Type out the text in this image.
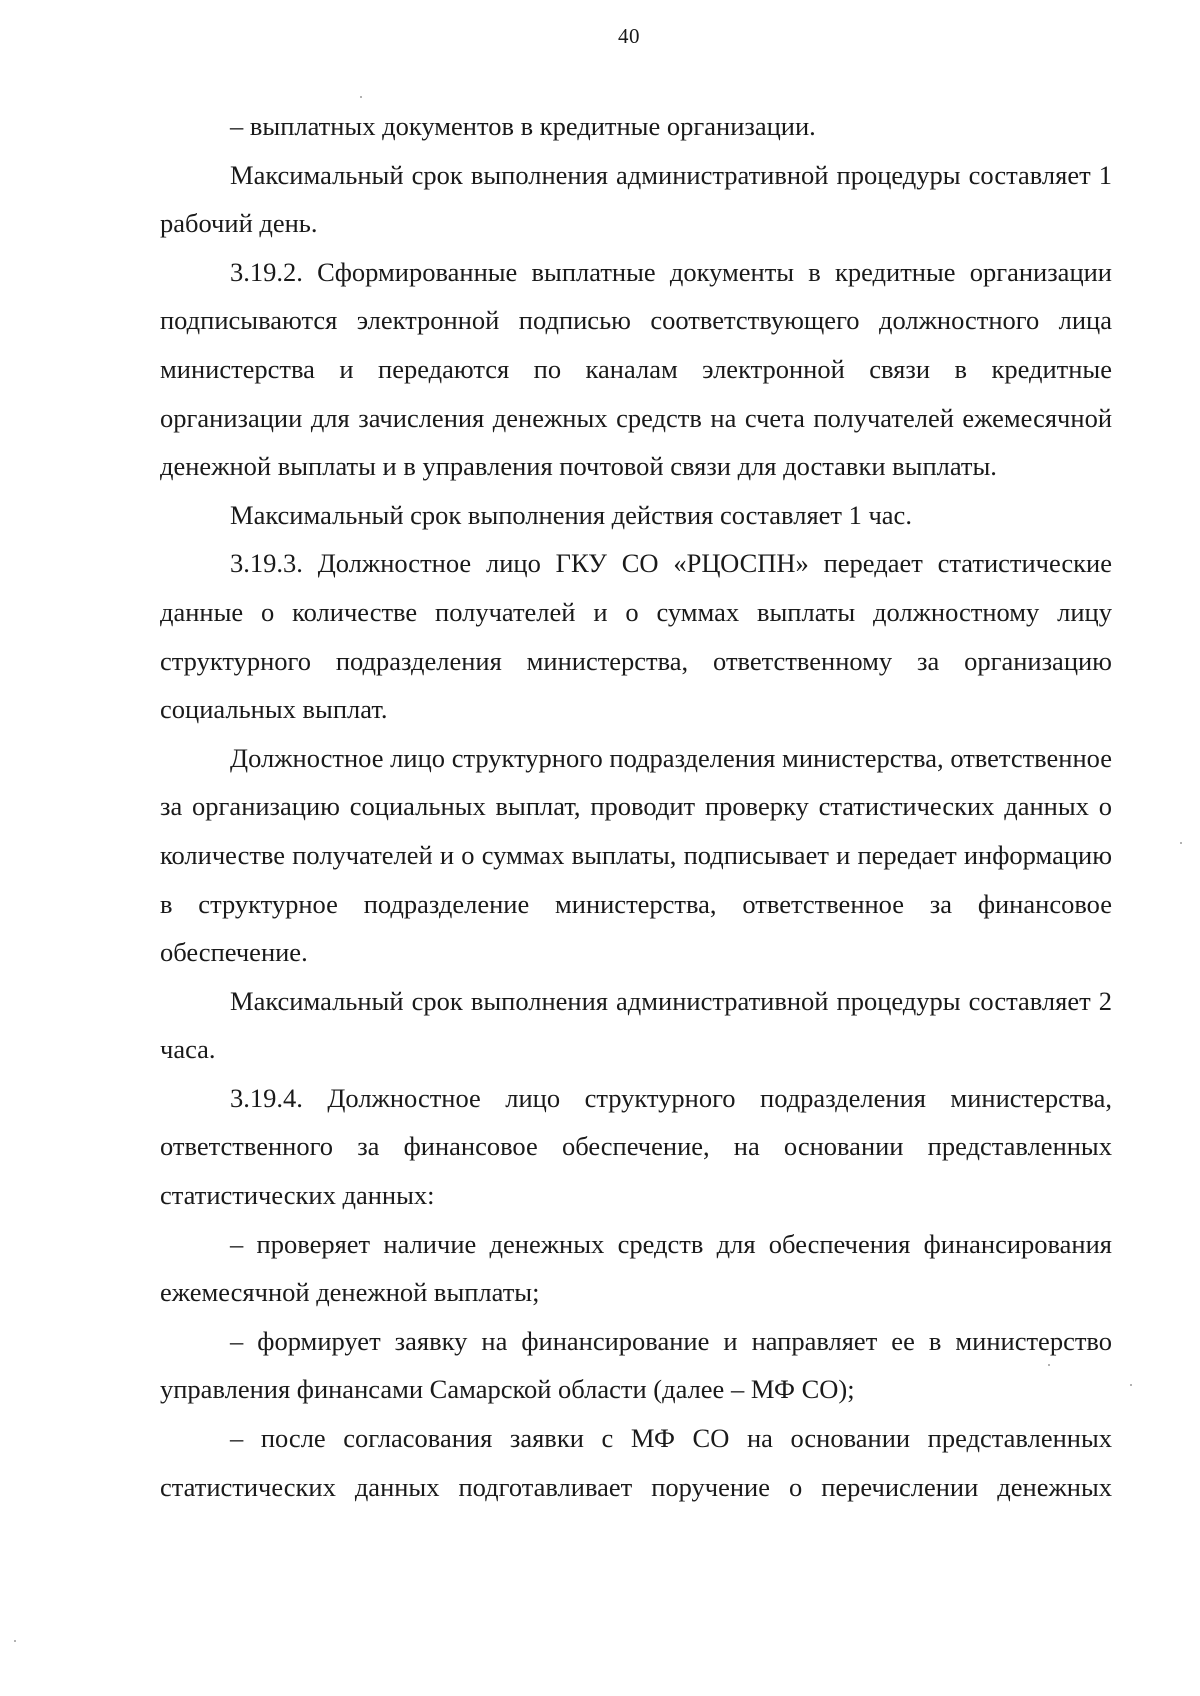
40

– выплатных документов в кредитные организации.

Максимальный срок выполнения административной процедуры составляет 1 рабочий день.

3.19.2. Сформированные выплатные документы в кредитные организации подписываются электронной подписью соответствующего должностного лица министерства и передаются по каналам электронной связи в кредитные организации для зачисления денежных средств на счета получателей ежемесячной денежной выплаты и в управления почтовой связи для доставки выплаты.

Максимальный срок выполнения действия составляет 1 час.

3.19.3. Должностное лицо ГКУ СО «РЦОСПН» передает статистические данные о количестве получателей и о суммах выплаты должностному лицу структурного подразделения министерства, ответственному за организацию социальных выплат.

Должностное лицо структурного подразделения министерства, ответственное за организацию социальных выплат, проводит проверку статистических данных о количестве получателей и о суммах выплаты, подписывает и передает информацию в структурное подразделение министерства, ответственное за финансовое обеспечение.

Максимальный срок выполнения административной процедуры составляет 2 часа.

3.19.4. Должностное лицо структурного подразделения министерства, ответственного за финансовое обеспечение, на основании представленных статистических данных:

– проверяет наличие денежных средств для обеспечения финансирования ежемесячной денежной выплаты;

– формирует заявку на финансирование и направляет ее в министерство управления финансами Самарской области (далее – МФ СО);

– после согласования заявки с МФ СО на основании представленных статистических данных подготавливает поручение о перечислении денежных
